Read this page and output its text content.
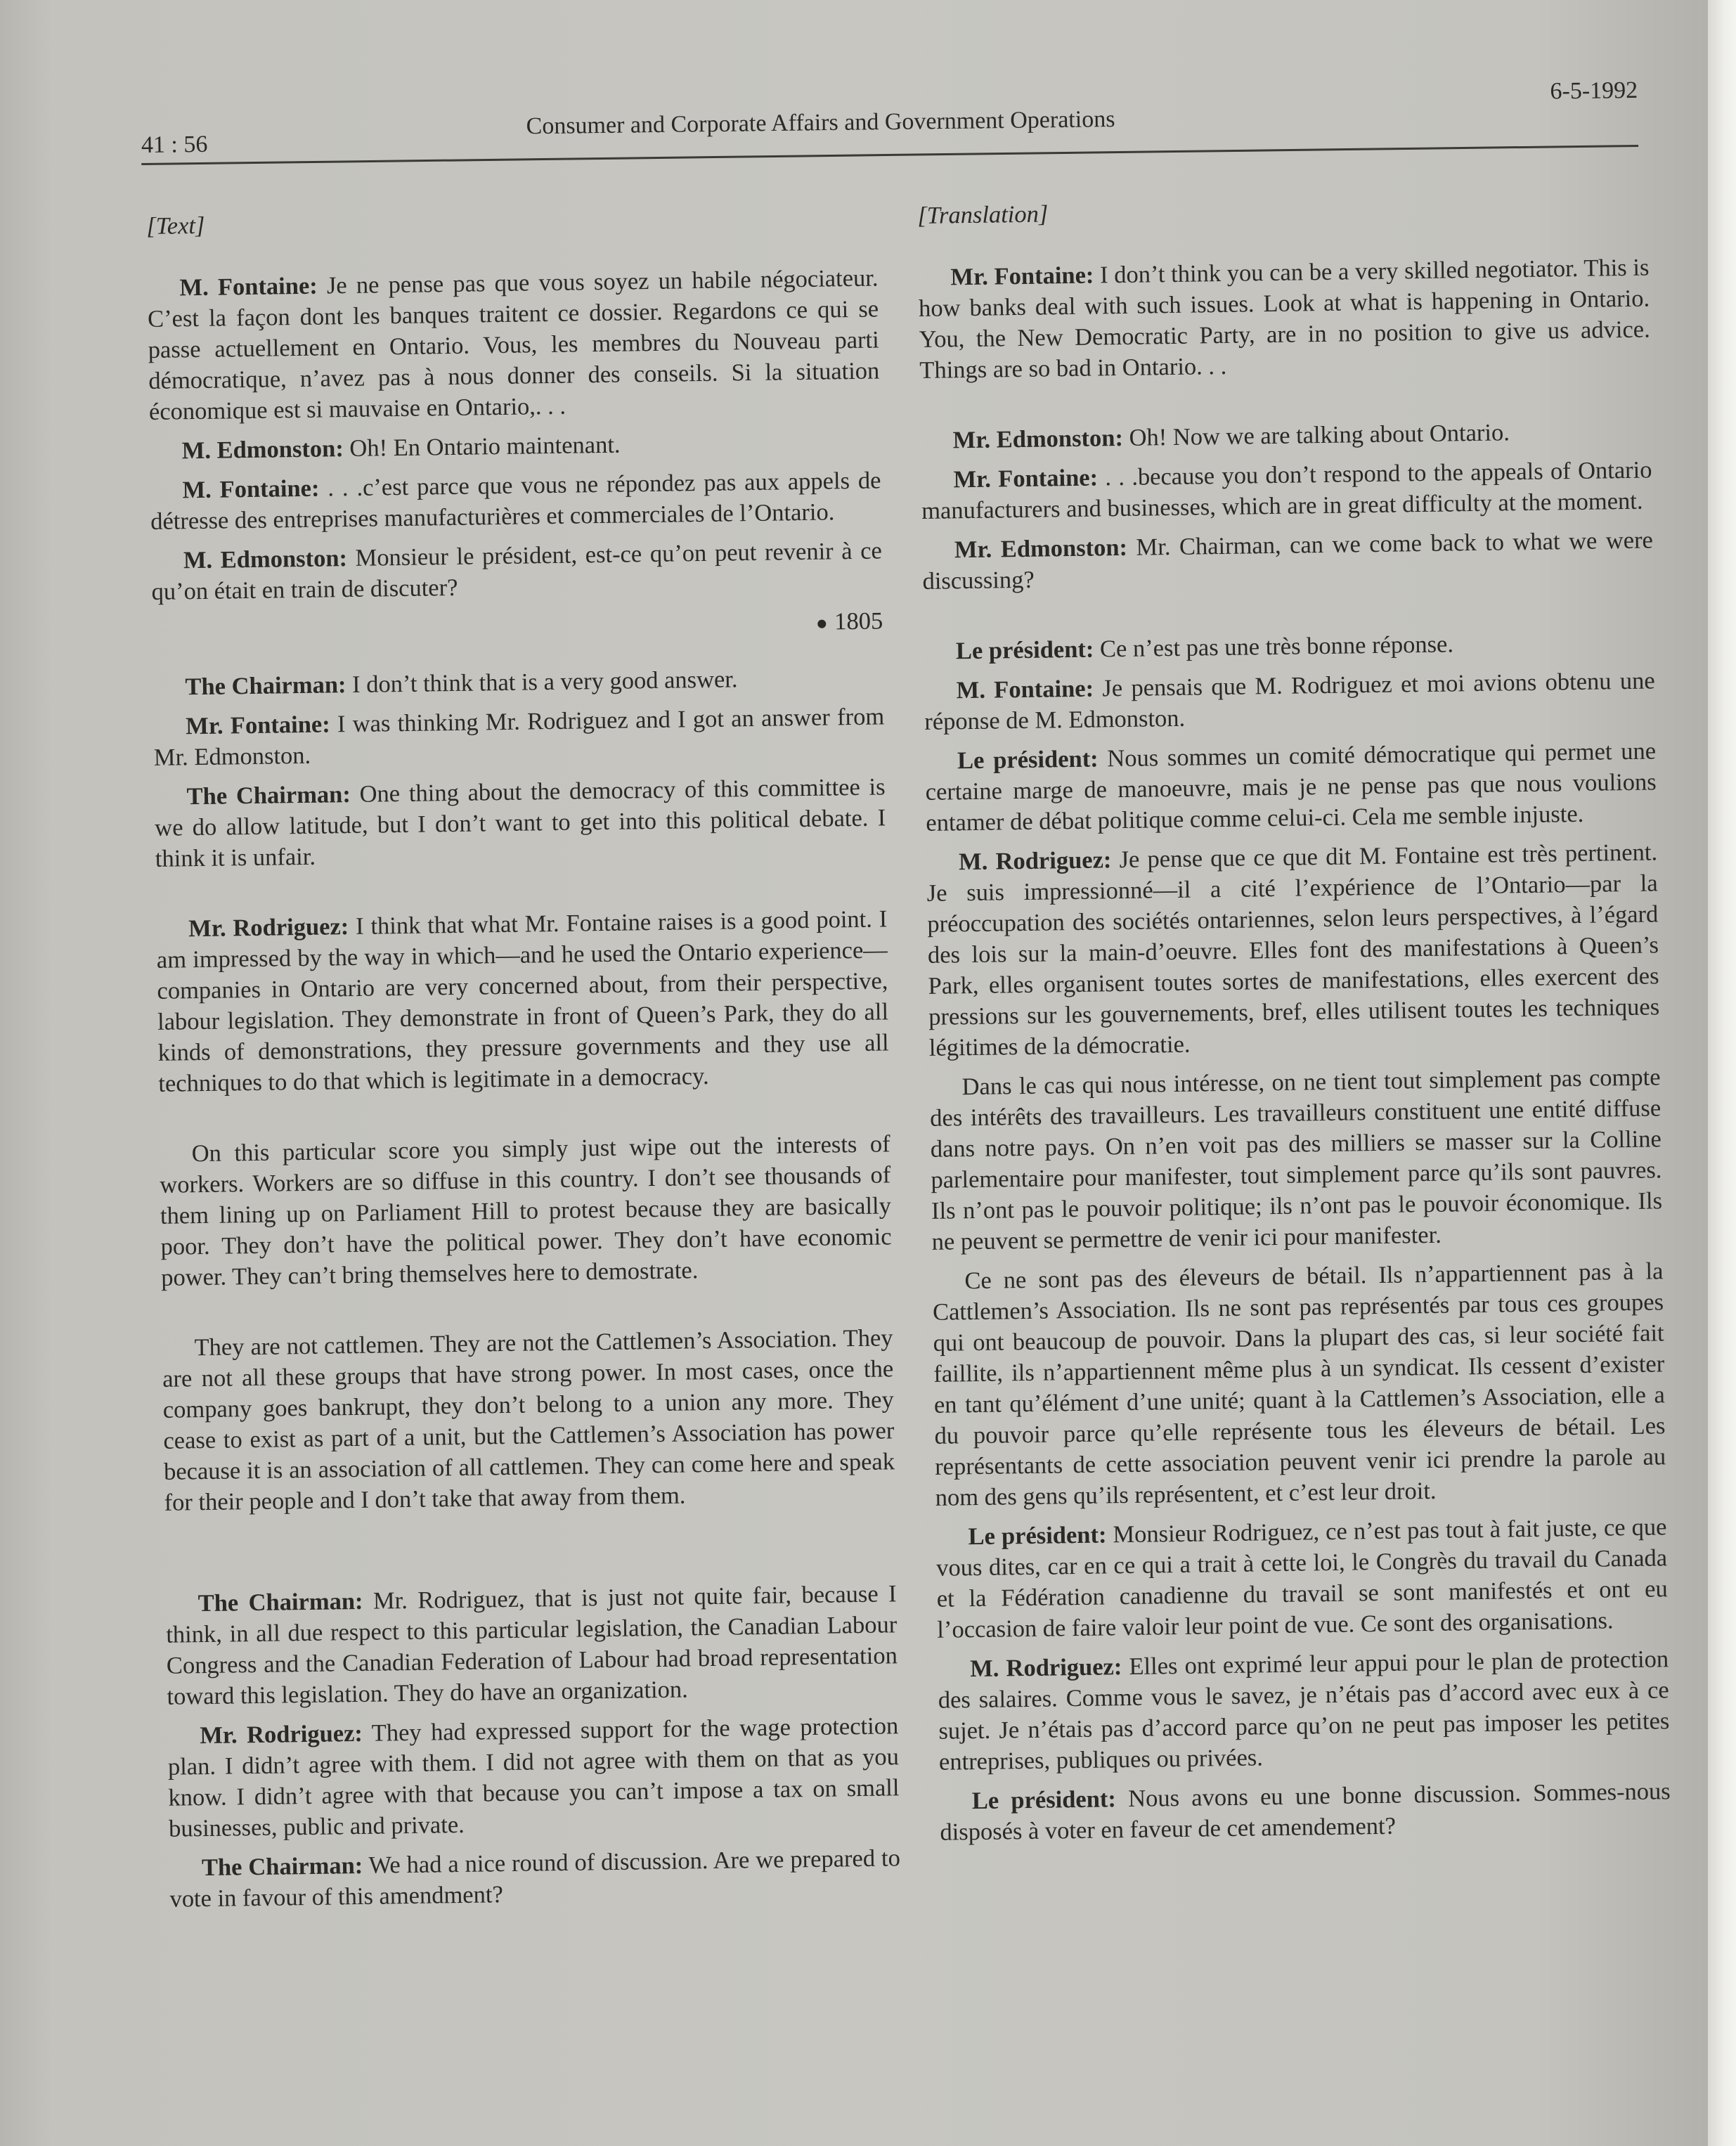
41 : 56
Consumer and Corporate Affairs and Government Operations
6-5-1992

[Text]

M. Fontaine: Je ne pense pas que vous soyez un habile négociateur. C’est la façon dont les banques traitent ce dossier. Regardons ce qui se passe actuellement en Ontario. Vous, les membres du Nouveau parti démocratique, n’avez pas à nous donner des conseils. Si la situation économique est si mauvaise en Ontario,. . .

M. Edmonston: Oh! En Ontario maintenant.

M. Fontaine: . . .c’est parce que vous ne répondez pas aux appels de détresse des entreprises manufacturières et commerciales de l’Ontario.

M. Edmonston: Monsieur le président, est-ce qu’on peut revenir à ce qu’on était en train de discuter?

1805

The Chairman: I don’t think that is a very good answer.

Mr. Fontaine: I was thinking Mr. Rodriguez and I got an answer from Mr. Edmonston.

The Chairman: One thing about the democracy of this committee is we do allow latitude, but I don’t want to get into this political debate. I think it is unfair.

Mr. Rodriguez: I think that what Mr. Fontaine raises is a good point. I am impressed by the way in which—and he used the Ontario experience—companies in Ontario are very concerned about, from their perspective, labour legislation. They demonstrate in front of Queen’s Park, they do all kinds of demonstrations, they pressure governments and they use all techniques to do that which is legitimate in a democracy.

On this particular score you simply just wipe out the interests of workers. Workers are so diffuse in this country. I don’t see thousands of them lining up on Parliament Hill to protest because they are basically poor. They don’t have the political power. They don’t have economic power. They can’t bring themselves here to demostrate.

They are not cattlemen. They are not the Cattlemen’s Association. They are not all these groups that have strong power. In most cases, once the company goes bankrupt, they don’t belong to a union any more. They cease to exist as part of a unit, but the Cattlemen’s Association has power because it is an association of all cattlemen. They can come here and speak for their people and I don’t take that away from them.

The Chairman: Mr. Rodriguez, that is just not quite fair, because I think, in all due respect to this particular legislation, the Canadian Labour Congress and the Canadian Federation of Labour had broad representation toward this legislation. They do have an organization.

Mr. Rodriguez: They had expressed support for the wage protection plan. I didn’t agree with them. I did not agree with them on that as you know. I didn’t agree with that because you can’t impose a tax on small businesses, public and private.

The Chairman: We had a nice round of discussion. Are we prepared to vote in favour of this amendment?

[Translation]

Mr. Fontaine: I don’t think you can be a very skilled negotiator. This is how banks deal with such issues. Look at what is happening in Ontario. You, the New Democratic Party, are in no position to give us advice. Things are so bad in Ontario. . .

Mr. Edmonston: Oh! Now we are talking about Ontario.

Mr. Fontaine: . . .because you don’t respond to the appeals of Ontario manufacturers and businesses, which are in great difficulty at the moment.

Mr. Edmonston: Mr. Chairman, can we come back to what we were discussing?

Le président: Ce n’est pas une très bonne réponse.

M. Fontaine: Je pensais que M. Rodriguez et moi avions obtenu une réponse de M. Edmonston.

Le président: Nous sommes un comité démocratique qui permet une certaine marge de manoeuvre, mais je ne pense pas que nous voulions entamer de débat politique comme celui-ci. Cela me semble injuste.

M. Rodriguez: Je pense que ce que dit M. Fontaine est très pertinent. Je suis impressionné—il a cité l’expérience de l’Ontario—par la préoccupation des sociétés ontariennes, selon leurs perspectives, à l’égard des lois sur la main-d’oeuvre. Elles font des manifestations à Queen’s Park, elles organisent toutes sortes de manifestations, elles exercent des pressions sur les gouvernements, bref, elles utilisent toutes les techniques légitimes de la démocratie.

Dans le cas qui nous intéresse, on ne tient tout simplement pas compte des intérêts des travailleurs. Les travailleurs constituent une entité diffuse dans notre pays. On n’en voit pas des milliers se masser sur la Colline parlementaire pour manifester, tout simplement parce qu’ils sont pauvres. Ils n’ont pas le pouvoir politique; ils n’ont pas le pouvoir économique. Ils ne peuvent se permettre de venir ici pour manifester.

Ce ne sont pas des éleveurs de bétail. Ils n’appartiennent pas à la Cattlemen’s Association. Ils ne sont pas représentés par tous ces groupes qui ont beaucoup de pouvoir. Dans la plupart des cas, si leur société fait faillite, ils n’appartiennent même plus à un syndicat. Ils cessent d’exister en tant qu’élément d’une unité; quant à la Cattlemen’s Association, elle a du pouvoir parce qu’elle représente tous les éleveurs de bétail. Les représentants de cette association peuvent venir ici prendre la parole au nom des gens qu’ils représentent, et c’est leur droit.

Le président: Monsieur Rodriguez, ce n’est pas tout à fait juste, ce que vous dites, car en ce qui a trait à cette loi, le Congrès du travail du Canada et la Fédération canadienne du travail se sont manifestés et ont eu l’occasion de faire valoir leur point de vue. Ce sont des organisations.

M. Rodriguez: Elles ont exprimé leur appui pour le plan de protection des salaires. Comme vous le savez, je n’étais pas d’accord avec eux à ce sujet. Je n’étais pas d’accord parce qu’on ne peut pas imposer les petites entreprises, publiques ou privées.

Le président: Nous avons eu une bonne discussion. Sommes-nous disposés à voter en faveur de cet amendement?
